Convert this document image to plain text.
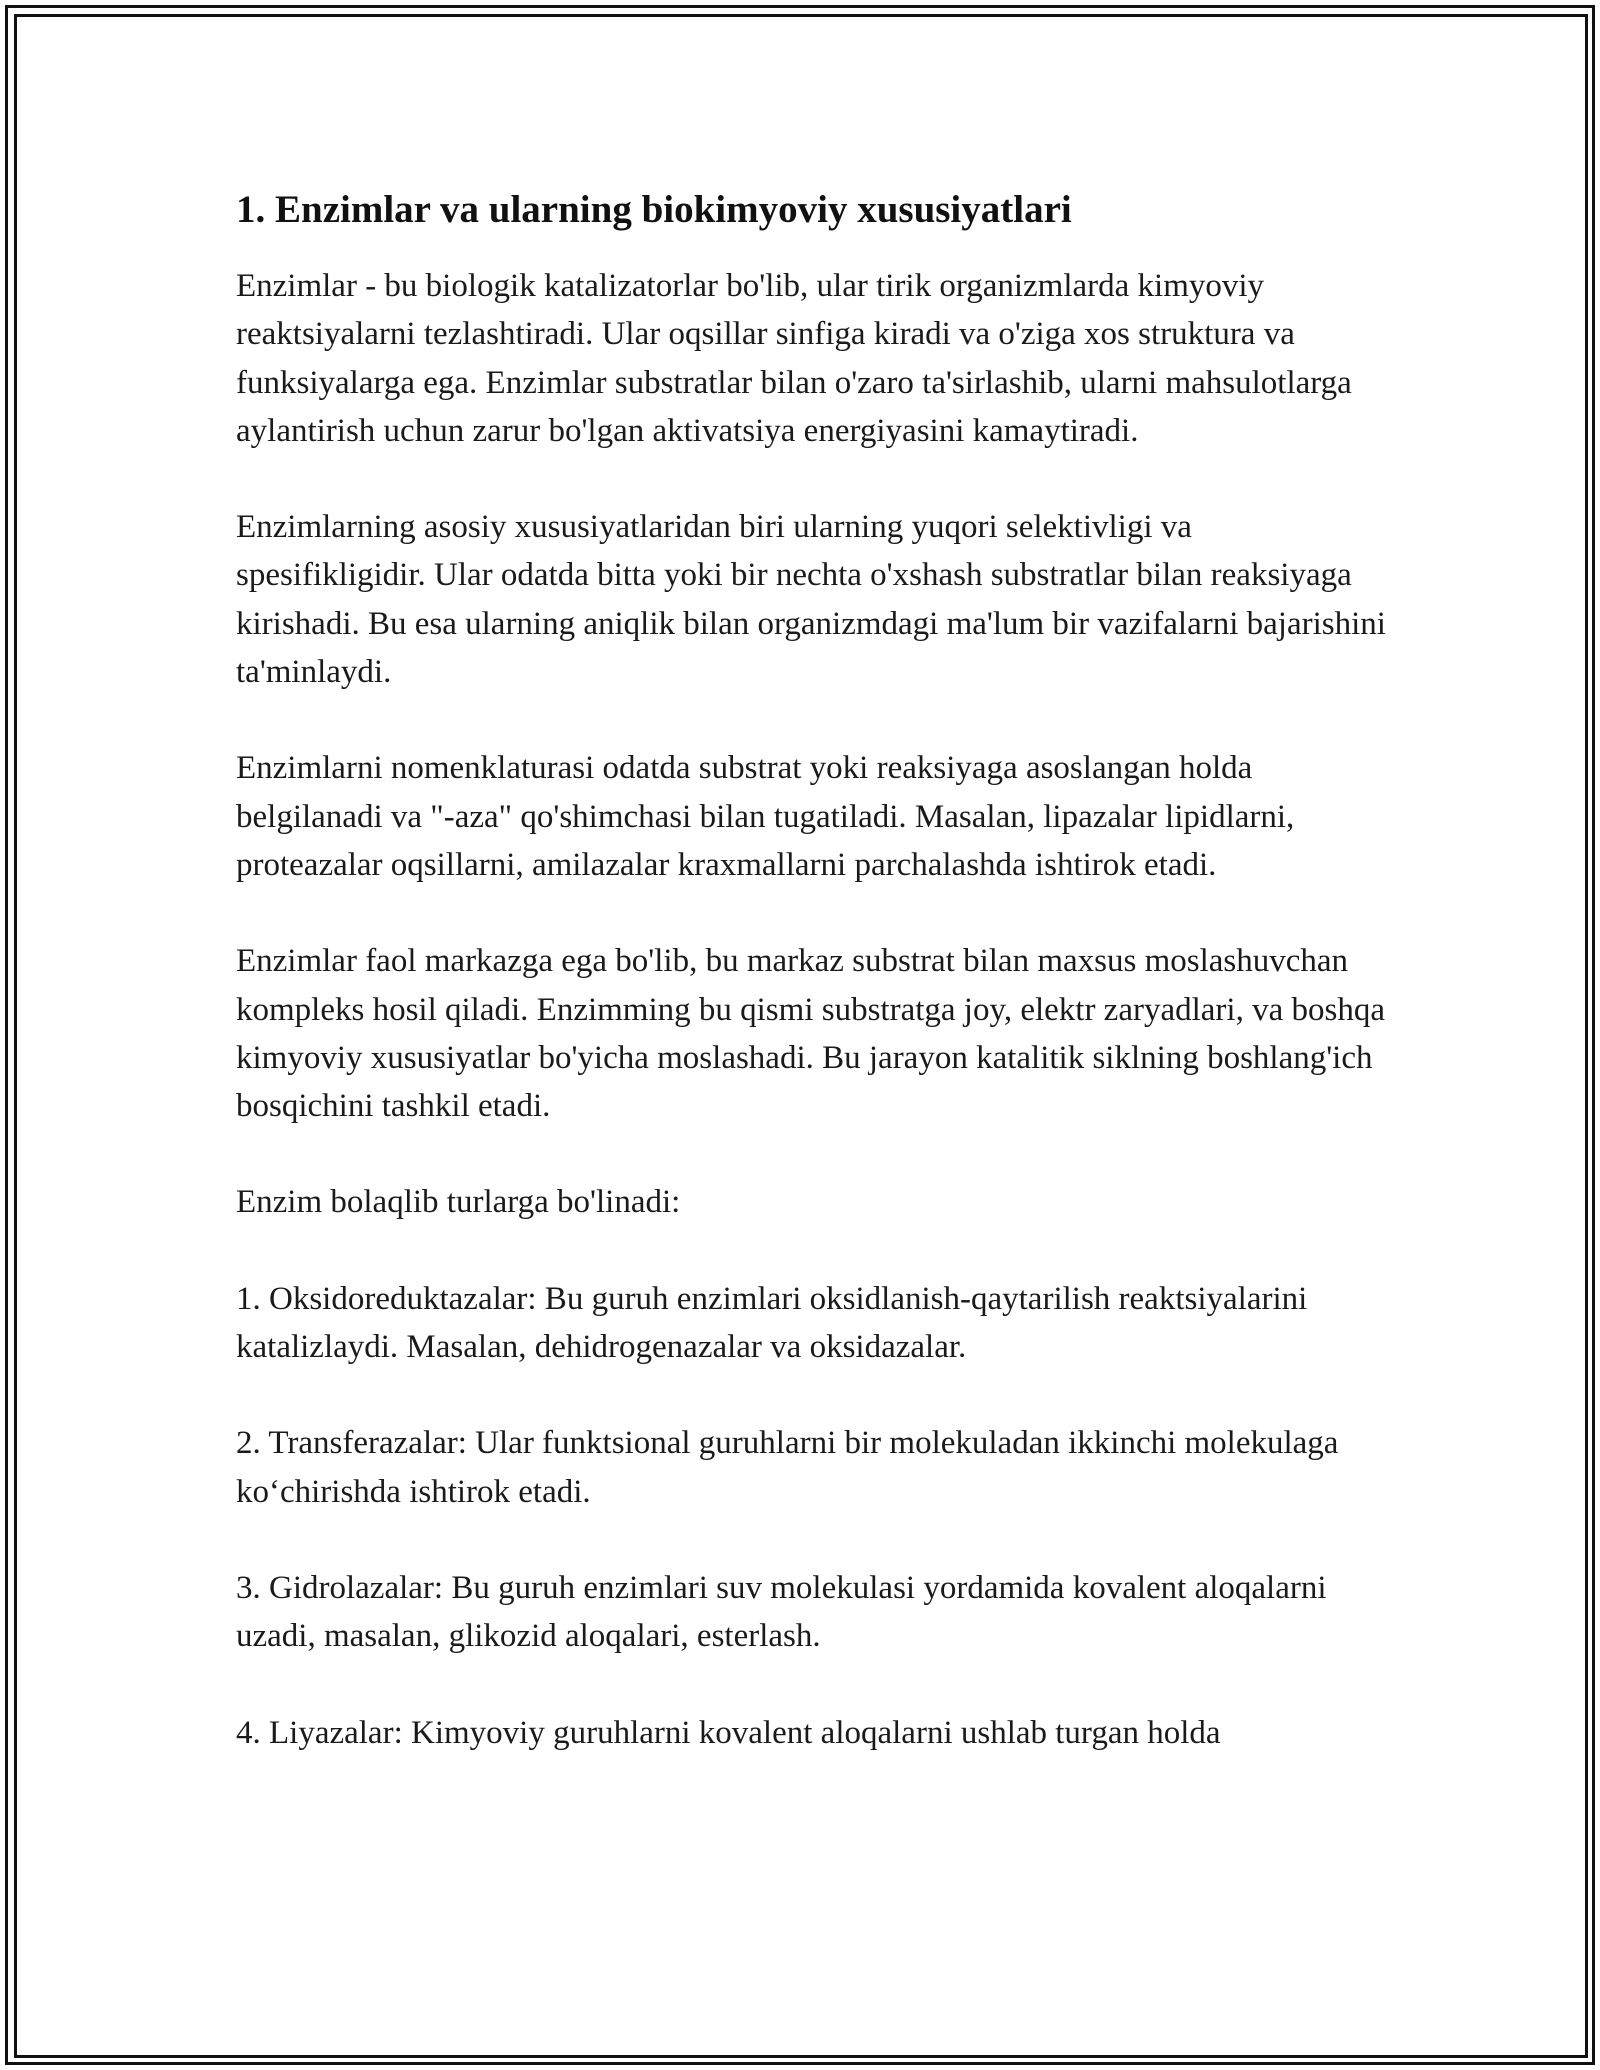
1. Enzimlar va ularning biokimyoviy xususiyatlari

Enzimlar - bu biologik katalizatorlar bo'lib, ular tirik organizmlarda kimyoviy reaktsiyalarni tezlashtiradi. Ular oqsillar sinfiga kiradi va o'ziga xos struktura va funksiyalarga ega. Enzimlar substratlar bilan o'zaro ta'sirlashib, ularni mahsulotlarga aylantirish uchun zarur bo'lgan aktivatsiya energiyasini kamaytiradi.

Enzimlarning asosiy xususiyatlaridan biri ularning yuqori selektivligi va spesifikligidir. Ular odatda bitta yoki bir nechta o'xshash substratlar bilan reaksiyaga kirishadi. Bu esa ularning aniqlik bilan organizmdagi ma'lum bir vazifalarni bajarishini ta'minlaydi.

Enzimlarni nomenklaturasi odatda substrat yoki reaksiyaga asoslangan holda belgilanadi va "-aza" qo'shimchasi bilan tugatiladi. Masalan, lipazalar lipidlarni, proteazalar oqsillarni, amilazalar kraxmallarni parchalashda ishtirok etadi.

Enzimlar faol markazga ega bo'lib, bu markaz substrat bilan maxsus moslashuvchan kompleks hosil qiladi. Enzimming bu qismi substratga joy, elektr zaryadlari, va boshqa kimyoviy xususiyatlar bo'yicha moslashadi. Bu jarayon katalitik siklning boshlang'ich bosqichini tashkil etadi.

Enzim bolaqlib turlarga bo'linadi:

1. Oksidoreduktazalar: Bu guruh enzimlari oksidlanish-qaytarilish reaktsiyalarini katalizlaydi. Masalan, dehidrogenazalar va oksidazalar.

2. Transferazalar: Ular funktsional guruhlarni bir molekuladan ikkinchi molekulaga ko‘chirishda ishtirok etadi.

3. Gidrolazalar: Bu guruh enzimlari suv molekulasi yordamida kovalent aloqalarni uzadi, masalan, glikozid aloqalari, esterlash.

4. Liyazalar: Kimyoviy guruhlarni kovalent aloqalarni ushlab turgan holda
